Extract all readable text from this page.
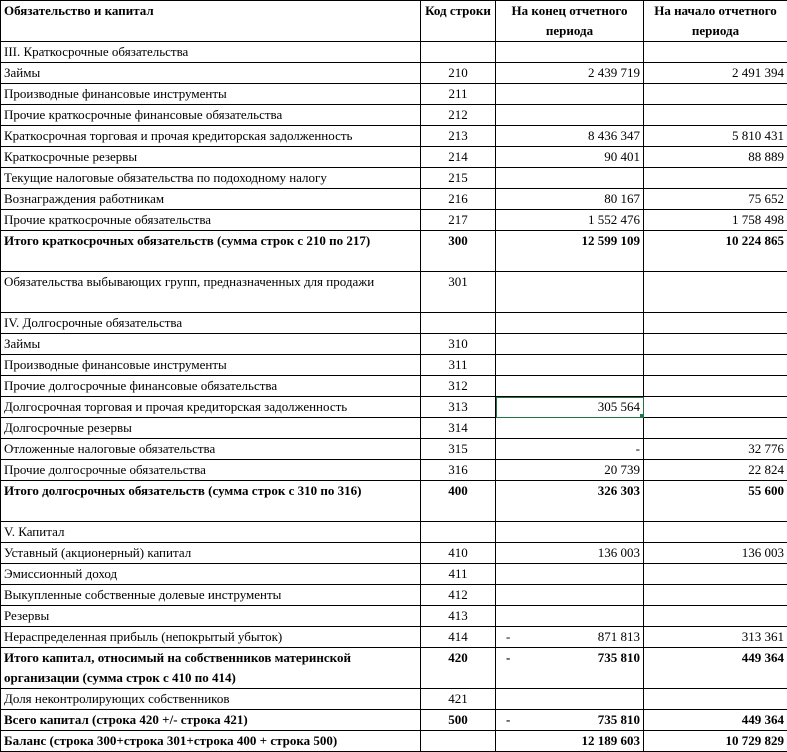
Обязательство и капитал	Код строки	На конец отчетного периода	На начало отчетного периода
III. Краткосрочные обязательства			
Займы	210	2 439 719	2 491 394
Производные финансовые инструменты	211		
Прочие краткосрочные финансовые обязательства	212		
Краткосрочная торговая и прочая кредиторская задолженность	213	8 436 347	5 810 431
Краткосрочные резервы	214	90 401	88 889
Текущие налоговые обязательства по подоходному налогу	215		
Вознаграждения работникам	216	80 167	75 652
Прочие краткосрочные обязательства	217	1 552 476	1 758 498
Итого краткосрочных обязательств (сумма строк с 210 по 217)	300	12 599 109	10 224 865
Обязательства выбывающих групп, предназначенных для продажи	301		
IV. Долгосрочные обязательства			
Займы	310		
Производные финансовые инструменты	311		
Прочие долгосрочные финансовые обязательства	312		
Долгосрочная торговая и прочая кредиторская задолженность	313	305 564	
Долгосрочные резервы	314		
Отложенные налоговые обязательства	315	-	32 776
Прочие долгосрочные обязательства	316	20 739	22 824
Итого долгосрочных обязательств (сумма строк с 310 по 316)	400	326 303	55 600
V. Капитал			
Уставный (акционерный) капитал	410	136 003	136 003
Эмиссионный доход	411		
Выкупленные собственные долевые инструменты	412		
Резервы	413		
Нераспределенная прибыль (непокрытый убыток)	414	- 871 813	313 361
Итого капитал, относимый на собственников материнской организации (сумма строк с 410 по 414)	420	- 735 810	449 364
Доля неконтролирующих собственников	421		
Всего капитал (строка 420 +/- строка 421)	500	- 735 810	449 364
Баланс (строка 300+строка 301+строка 400 + строка 500)		12 189 603	10 729 829
